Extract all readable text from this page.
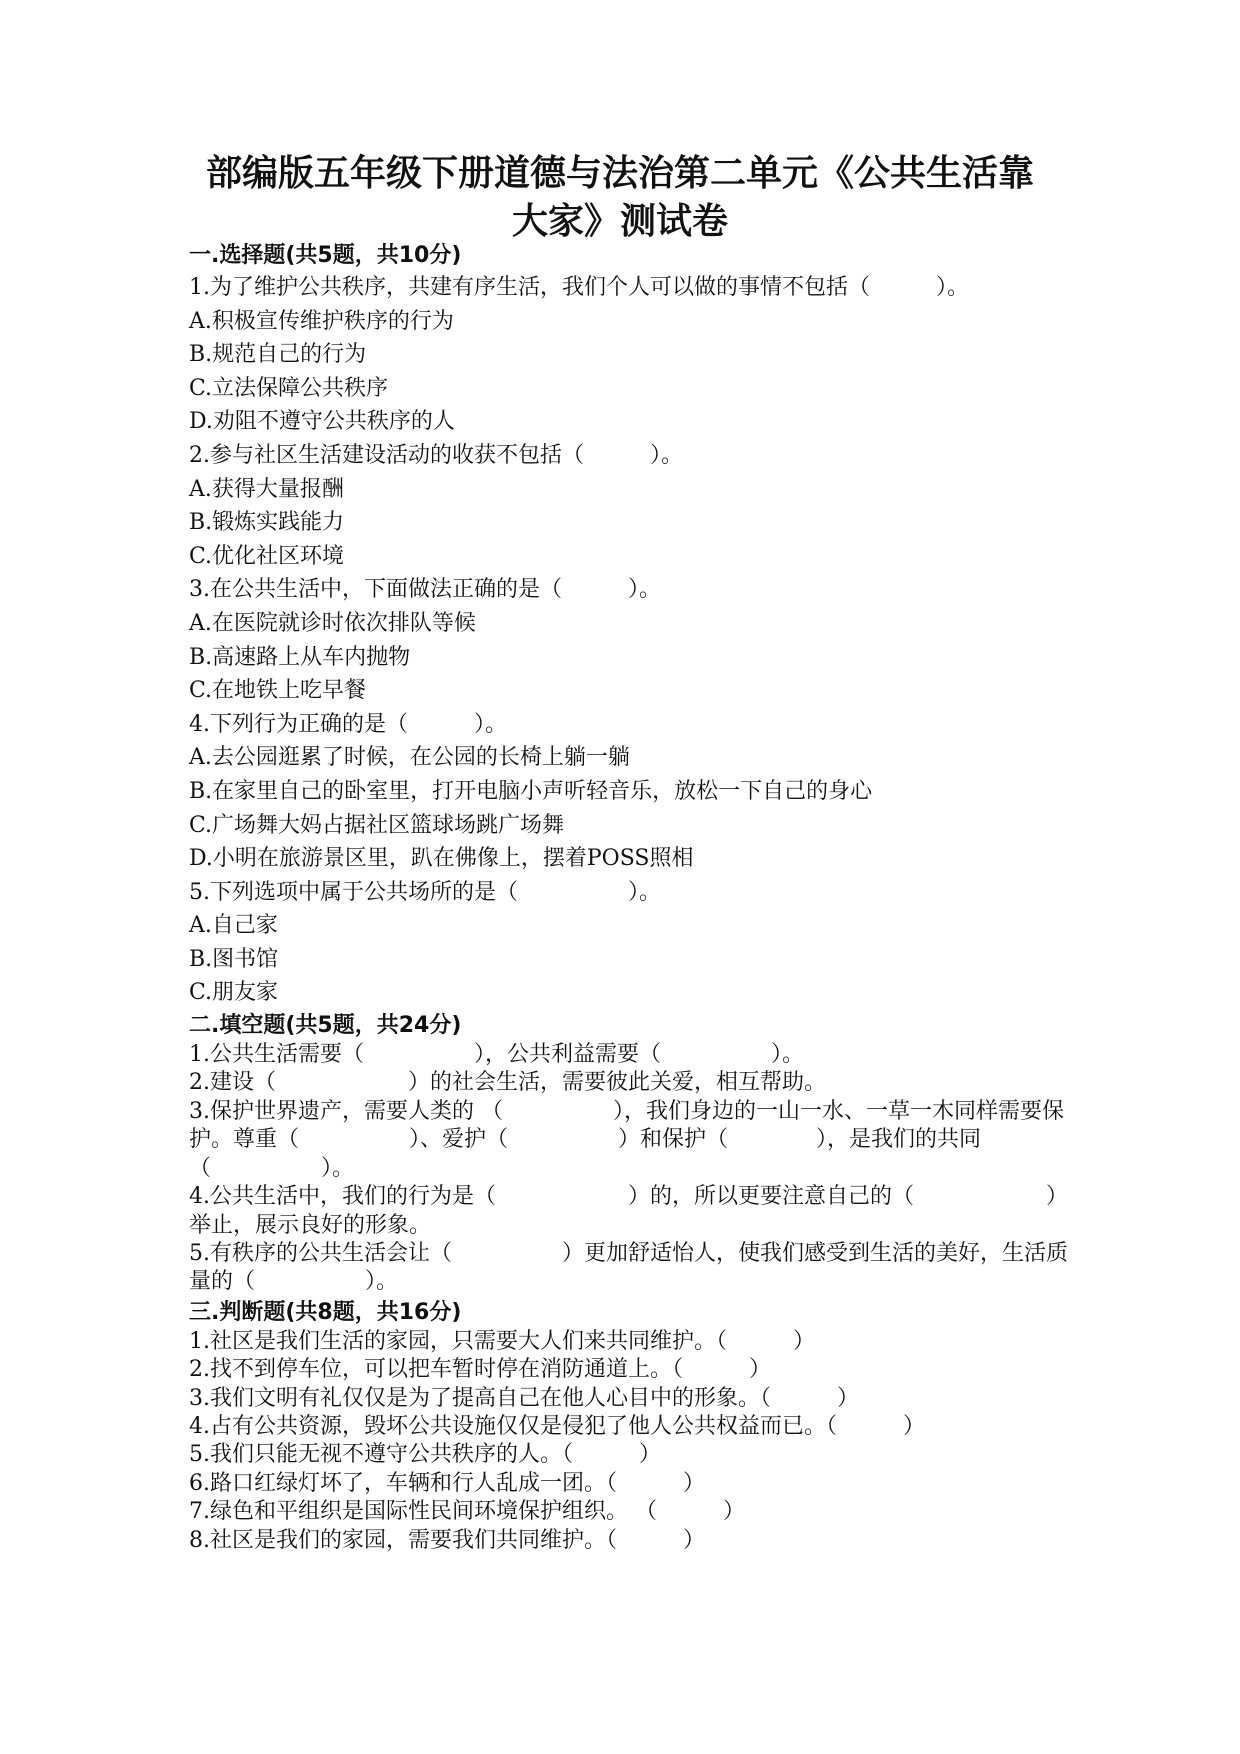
部编版五年级下册道德与法治第二单元《公共生活靠
大家》测试卷

一.选择题(共5题，共10分)

1.为了维护公共秩序，共建有序生活，我们个人可以做的事情不包括（　　　）。

A.积极宣传维护秩序的行为

B.规范自己的行为

C.立法保障公共秩序

D.劝阻不遵守公共秩序的人

2.参与社区生活建设活动的收获不包括（　　　）。

A.获得大量报酬

B.锻炼实践能力

C.优化社区环境

3.在公共生活中，下面做法正确的是（　　　）。

A.在医院就诊时依次排队等候

B.高速路上从车内抛物

C.在地铁上吃早餐

4.下列行为正确的是（　　　）。

A.去公园逛累了时候，在公园的长椅上躺一躺

B.在家里自己的卧室里，打开电脑小声听轻音乐，放松一下自己的身心

C.广场舞大妈占据社区篮球场跳广场舞

D.小明在旅游景区里，趴在佛像上，摆着POSS照相

5.下列选项中属于公共场所的是（　　　　　）。

A.自己家

B.图书馆

C.朋友家

二.填空题(共5题，共24分)

1.公共生活需要（　　　　　），公共利益需要（　　　　　）。
2.建设（　　　　　　）的社会生活，需要彼此关爱，相互帮助。
3.保护世界遗产，需要人类的 （　　　　　），我们身边的一山一水、一草一木同样需要保护。尊重（　　　　　）、爱护（　　　　　）和保护（　　　　），是我们的共同（　　　　　）。
4.公共生活中，我们的行为是（　　　　　　）的，所以更要注意自己的（　　　　　　）举止，展示良好的形象。
5.有秩序的公共生活会让（　　　　　）更加舒适怡人，使我们感受到生活的美好，生活质量的（　　　　　）。

三.判断题(共8题，共16分)

1.社区是我们生活的家园，只需要大人们来共同维护。（　　　）
2.找不到停车位，可以把车暂时停在消防通道上。（　　　）
3.我们文明有礼仅仅是为了提高自己在他人心目中的形象。（　　　）
4.占有公共资源，毁坏公共设施仅仅是侵犯了他人公共权益而已。（　　　）
5.我们只能无视不遵守公共秩序的人。（　　　）
6.路口红绿灯坏了，车辆和行人乱成一团。（　　　）
7.绿色和平组织是国际性民间环境保护组织。 （　　　）
8.社区是我们的家园，需要我们共同维护。（　　　）
